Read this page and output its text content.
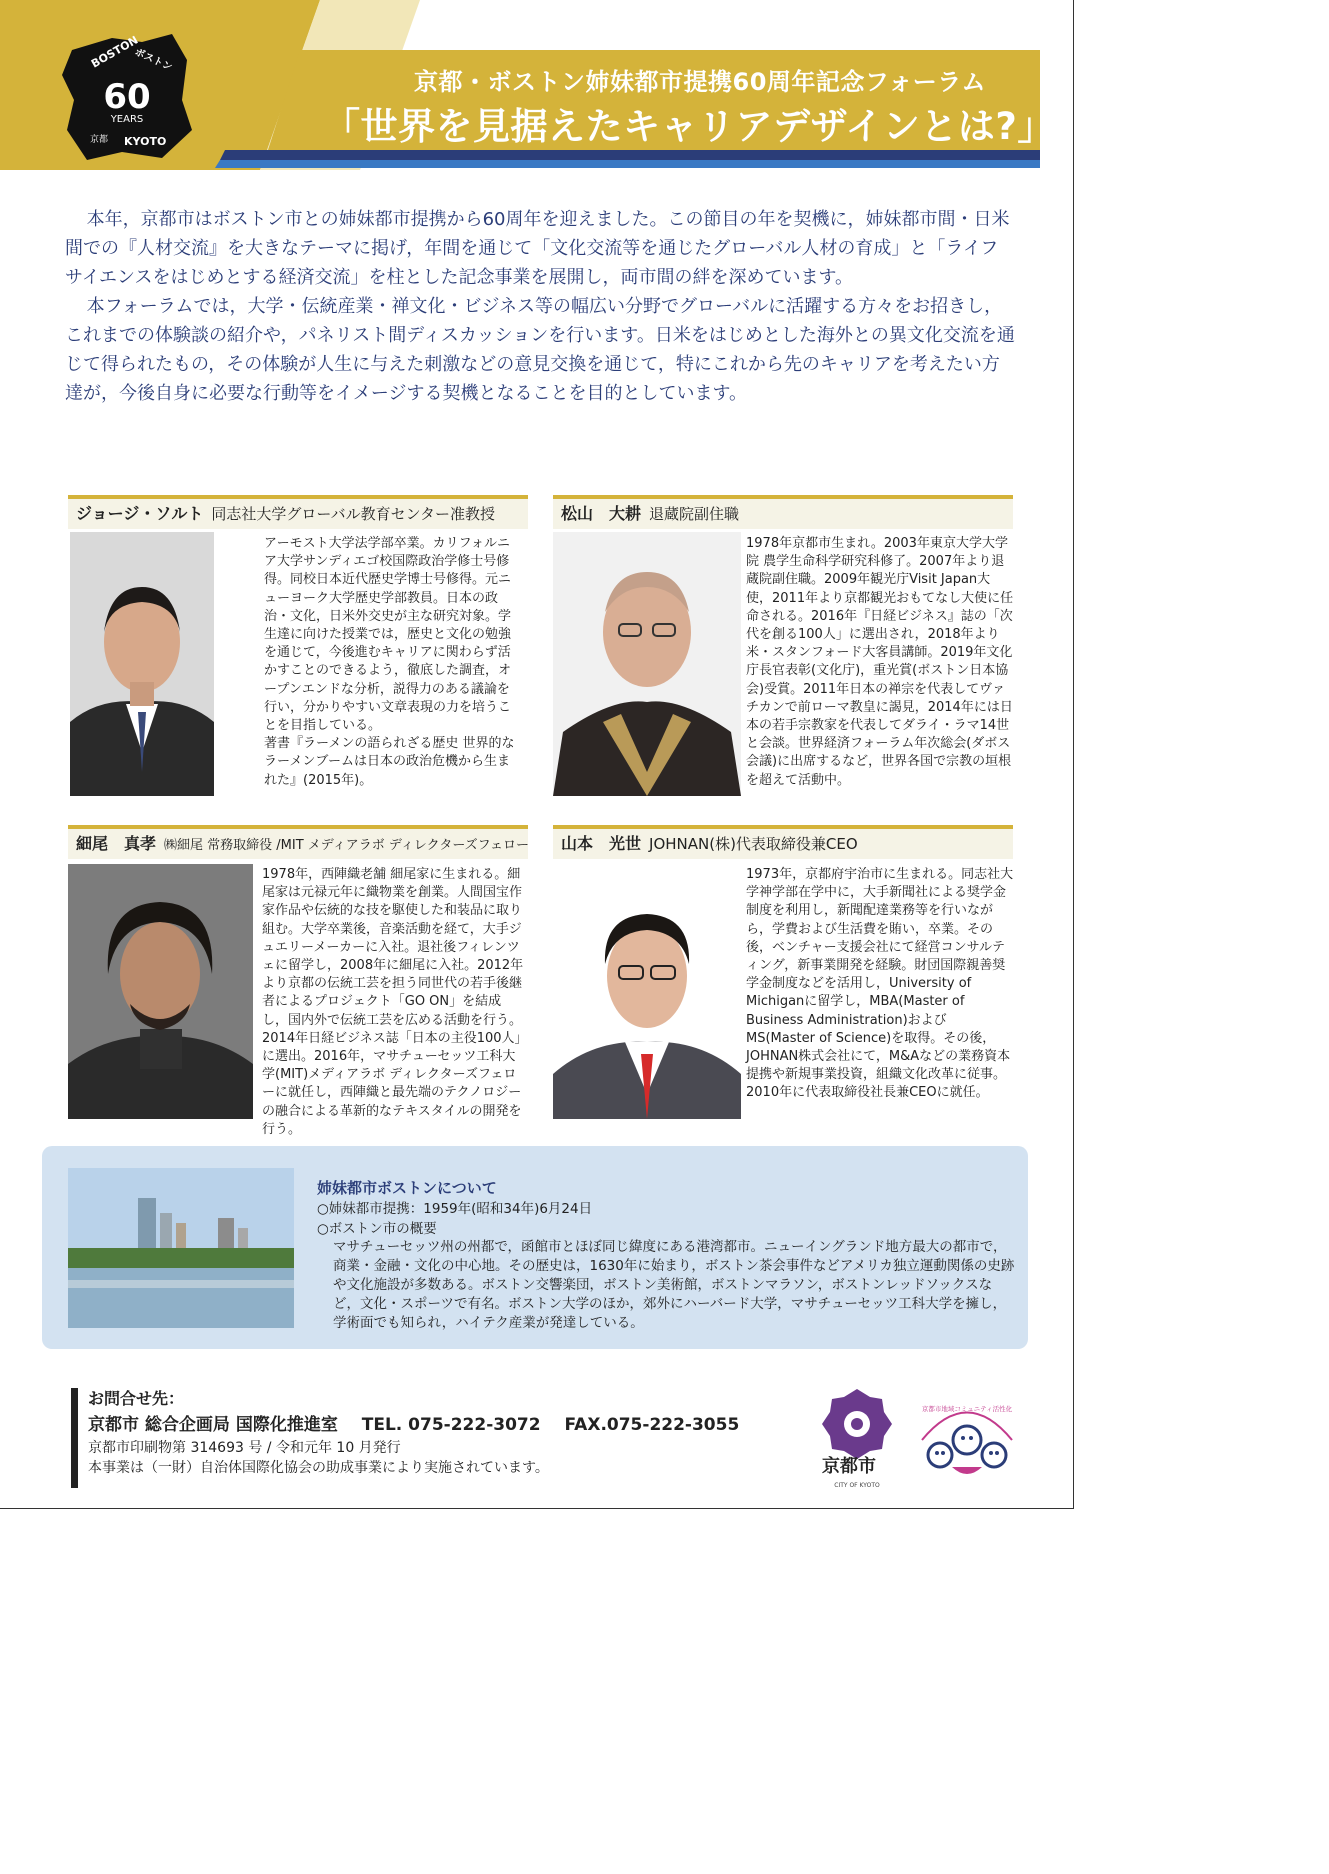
BOSTON
ボストン
60
YEARS
京都 KYOTO
京都・ボストン姉妹都市提携60周年記念フォーラム
「世界を見据えたキャリアデザインとは?」

本年，京都市はボストン市との姉妹都市提携から60周年を迎えました。この節目の年を契機に，姉妹都市間・日米間での『人材交流』を大きなテーマに掲げ，年間を通じて「文化交流等を通じたグローバル人材の育成」と「ライフサイエンスをはじめとする経済交流」を柱とした記念事業を展開し，両市間の絆を深めています。

本フォーラムでは，大学・伝統産業・禅文化・ビジネス等の幅広い分野でグローバルに活躍する方々をお招きし，これまでの体験談の紹介や，パネリスト間ディスカッションを行います。日米をはじめとした海外との異文化交流を通じて得られたもの，その体験が人生に与えた刺激などの意見交換を通じて，特にこれから先のキャリアを考えたい方達が，今後自身に必要な行動等をイメージする契機となることを目的としています。

ジョージ・ソルト 同志社大学グローバル教育センター准教授
アーモスト大学法学部卒業。カリフォルニア大学サンディエゴ校国際政治学修士号修得。同校日本近代歴史学博士号修得。元ニューヨーク大学歴史学部教員。日本の政治・文化，日米外交史が主な研究対象。学生達に向けた授業では，歴史と文化の勉強を通じて，今後進むキャリアに関わらず活かすことのできるよう，徹底した調査，オープンエンドな分析，説得力のある議論を行い，分かりやすい文章表現の力を培うことを目指している。
著書『ラーメンの語られざる歴史 世界的なラーメンブームは日本の政治危機から生まれた』(2015年)。
松山　大耕 退蔵院副住職
1978年京都市生まれ。2003年東京大学大学院 農学生命科学研究科修了。2007年より退蔵院副住職。2009年観光庁Visit Japan大使，2011年より京都観光おもてなし大使に任命される。2016年『日経ビジネス』誌の「次代を創る100人」に選出され，2018年より米・スタンフォード大客員講師。2019年文化庁長官表彰(文化庁)，重光賞(ボストン日本協会)受賞。2011年日本の禅宗を代表してヴァチカンで前ローマ教皇に謁見，2014年には日本の若手宗教家を代表してダライ・ラマ14世と会談。世界経済フォーラム年次総会(ダボス会議)に出席するなど，世界各国で宗教の垣根を超えて活動中。
細尾　真孝 ㈱細尾 常務取締役 /MIT メディアラボ ディレクターズフェロー
1978年，西陣織老舗 細尾家に生まれる。細尾家は元禄元年に織物業を創業。人間国宝作家作品や伝統的な技を駆使した和装品に取り組む。大学卒業後，音楽活動を経て，大手ジュエリーメーカーに入社。退社後フィレンツェに留学し，2008年に細尾に入社。2012年より京都の伝統工芸を担う同世代の若手後継者によるプロジェクト「GO ON」を結成し，国内外で伝統工芸を広める活動を行う。2014年日経ビジネス誌「日本の主役100人」に選出。2016年，マサチューセッツ工科大学(MIT)メディアラボ ディレクターズフェローに就任し，西陣織と最先端のテクノロジーの融合による革新的なテキスタイルの開発を行う。
山本　光世 JOHNAN(株)代表取締役兼CEO
1973年，京都府宇治市に生まれる。同志社大学神学部在学中に，大手新聞社による奨学金制度を利用し，新聞配達業務等を行いながら，学費および生活費を賄い，卒業。その後，ベンチャー支援会社にて経営コンサルティング，新事業開発を経験。財団国際親善奨学金制度などを活用し，University of Michiganに留学し，MBA(Master of Business Administration)およびMS(Master of Science)を取得。その後，JOHNAN株式会社にて，M&Aなどの業務資本提携や新規事業投資，組織文化改革に従事。2010年に代表取締役社長兼CEOに就任。
姉妹都市ボストンについて
○姉妹都市提携：1959年(昭和34年)6月24日
○ボストン市の概要
マサチューセッツ州の州都で，函館市とほぼ同じ緯度にある港湾都市。ニューイングランド地方最大の都市で，商業・金融・文化の中心地。その歴史は，1630年に始まり，ボストン茶会事件などアメリカ独立運動関係の史跡や文化施設が多数ある。ボストン交響楽団，ボストン美術館，ボストンマラソン，ボストンレッドソックスなど，文化・スポーツで有名。ボストン大学のほか，郊外にハーバード大学，マサチューセッツ工科大学を擁し，学術面でも知られ，ハイテク産業が発達している。
お問合せ先：
京都市 総合企画局 国際化推進室 TEL. 075-222-3072 FAX.075-222-3055
京都市印刷物第 314693 号 / 令和元年 10 月発行
本事業は（一財）自治体国際化協会の助成事業により実施されています。
CITY OF KYOTO
京都市
京都市地域コミュニティ活性化
